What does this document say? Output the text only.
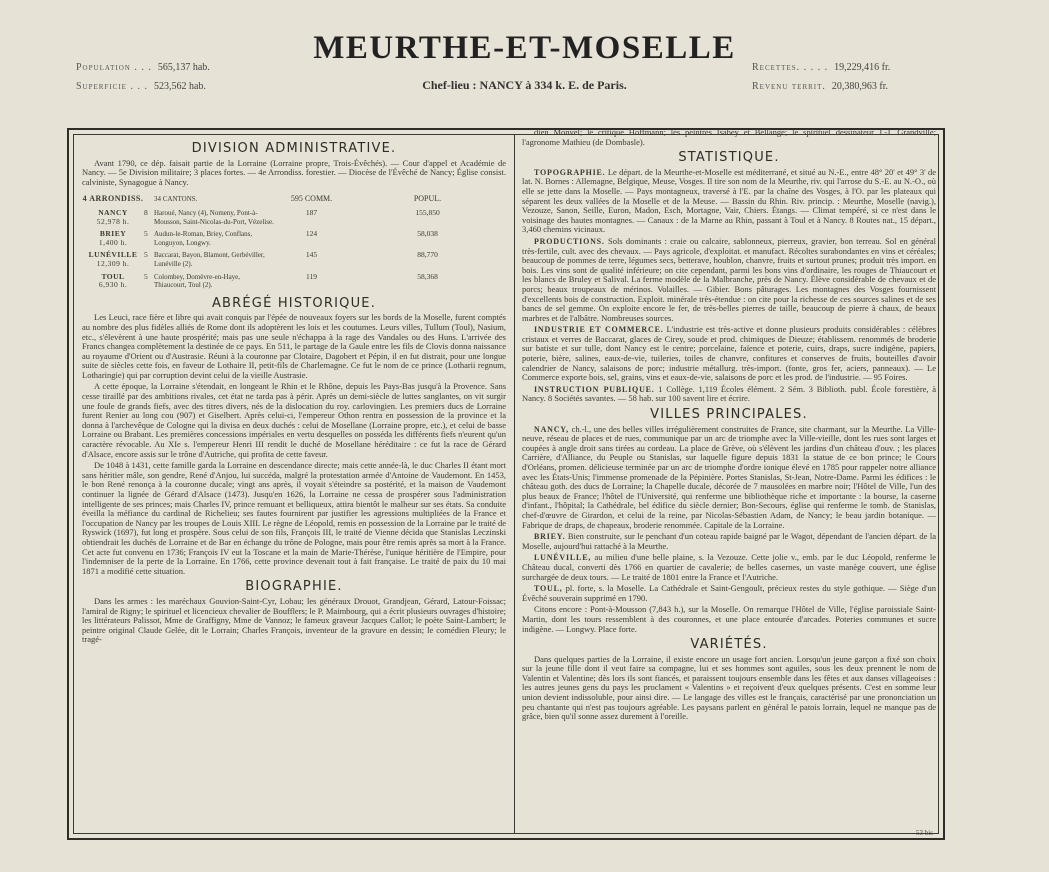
Population . . . 565,137 hab.
Superficie . . . 523,562 hab.
MEURTHE-ET-MOSELLE
Chef-lieu : NANCY à 334 k. E. de Paris.
Recettes. . . . . 19,229,416 fr.
Revenu territ. 20,380,963 fr.
DIVISION ADMINISTRATIVE.

Avant 1790, ce dép. faisait partie de la Lorraine (Lorraine propre, Trois-Évêchés). — Cour d'appel et Académie de Nancy. — 5e Division militaire; 3 places fortes. — 4e Arrondiss. forestier. — Diocèse de l'Évêché de Nancy; Église consist. calviniste, Synagogue à Nancy.

4 ARRONDISS.		34 CANTONS.	595 COMM.	POPUL.
NANCY
52,978 h.	8	Haroué, Nancy (4), Nomeny, Pont-à-Mousson, Saint-Nicolas-du-Port, Vézelise.	187	155,850
BRIEY
1,400 h.	5	Audun-le-Roman, Briey, Conflans, Longuyon, Longwy.	124	58,038
LUNÉVILLE
12,309 h.	5	Baccarat, Bayon, Blamont, Gerbéviller, Lunéville (2).	145	88,770
TOUL
6,930 h.	5	Colombey, Domèvre-en-Haye, Thiaucourt, Toul (2).	119	58,368
ABRÉGÉ HISTORIQUE.

Les Leuci, race fière et libre qui avait conquis par l'épée de nouveaux foyers sur les bords de la Moselle, furent comptés au nombre des plus fidèles alliés de Rome dont ils adoptèrent les lois et les coutumes. Leurs villes, Tullum (Toul), Nasium, etc., s'élevèrent à une haute prospérité; mais pas une seule n'échappa à la rage des Vandales ou des Huns. L'arrivée des Francs changea complètement la destinée de ce pays. En 511, le partage de la Gaule entre les fils de Clovis donna naissance au royaume d'Orient ou d'Austrasie. Réuni à la couronne par Clotaire, Dagobert et Pépin, il en fut distrait, pour une longue suite de siècles cette fois, en faveur de Lothaire II, petit-fils de Charlemagne. Ce fut le nom de ce prince (Lotharii regnum, Lotharingie) qui par corruption devint celui de la vieille Austrasie.

A cette époque, la Lorraine s'étendait, en longeant le Rhin et le Rhône, depuis les Pays-Bas jusqu'à la Provence. Sans cesse tiraillé par des ambitions rivales, cet état ne tarda pas à périr. Après un demi-siècle de luttes sanglantes, on vit surgir une foule de grands fiefs, avec des titres divers, nés de la dislocation du roy. carlovingien. Les premiers ducs de Lorraine furent Renier au long cou (907) et Giselbert. Après celui-ci, l'empereur Othon rentra en possession de la province et la donna à l'archevêque de Cologne qui la divisa en deux duchés : celui de Mosellane (Lorraine propre, etc.), et celui de basse Lorraine ou Brabant. Les premières concessions impériales en vertu desquelles on posséda les différents fiefs n'eurent qu'un caractère révocable. Au XIe s. l'empereur Henri III rendit le duché de Mosellane héréditaire : ce fut la race de Gérard d'Alsace, encore assis sur le trône d'Autriche, qui profita de cette faveur.

De 1048 à 1431, cette famille garda la Lorraine en descendance directe; mais cette année-là, le duc Charles II étant mort sans héritier mâle, son gendre, René d'Anjou, lui succéda, malgré la protestation armée d'Antoine de Vaudemont. En 1453, le bon René renonça à la couronne ducale; vingt ans après, il voyait s'éteindre sa postérité, et la maison de Vaudemont continuer la lignée de Gérard d'Alsace (1473). Jusqu'en 1626, la Lorraine ne cessa de prospérer sous l'administration intelligente de ses princes; mais Charles IV, prince remuant et belliqueux, attira bientôt le malheur sur ses états. Sa conduite éveilla la méfiance du cardinal de Richelieu; ses fautes fournirent par justifier les agressions multipliées de la France et l'occupation de Nancy par les troupes de Louis XIII. Le règne de Léopold, remis en possession de la Lorraine par le traité de Ryswick (1697), fut long et prospère. Sous celui de son fils, François III, le traité de Vienne décida que Stanislas Leczinski obtiendrait les duchés de Lorraine et de Bar en échange du trône de Pologne, mais pour être remis après sa mort à la France. Cet acte fut convenu en 1736; François IV eut la Toscane et la main de Marie-Thérèse, l'unique héritière de l'Empire, pour l'indemniser de la perte de la Lorraine. En 1766, cette province devenait tout à fait française. Le traité de paix du 10 mai 1871 a modifié cette situation.

BIOGRAPHIE.

Dans les armes : les maréchaux Gouvion-Saint-Cyr, Lobau; les généraux Drouot, Grandjean, Gérard, Latour-Foissac; l'amiral de Rigny; le spirituel et licencieux chevalier de Boufflers; le P. Maimbourg, qui a écrit plusieurs ouvrages d'histoire; les littérateurs Palissot, Mme de Graffigny, Mme de Vannoz; le fameux graveur Jacques Callot; le poète Saint-Lambert; le peintre original Claude Gelée, dit le Lorrain; Charles François, inventeur de la gravure en dessin; le comédien Fleury; le tragé-

dien Monvel; le critique Hoffmann; les peintres Isabey et Bellangé; le spirituel dessinateur J.-J. Grandville; l'agronome Mathieu (de Dombasle).

STATISTIQUE.

TOPOGRAPHIE. Le départ. de la Meurthe-et-Moselle est méditerrané, et situé au N.-E., entre 48° 20' et 49° 3' de lat. N. Bornes : Allemagne, Belgique, Meuse, Vosges. Il tire son nom de la Meurthe, riv. qui l'arrose du S.-E. au N.-O., où elle se jette dans la Moselle. — Pays montagneux, traversé à l'E. par la chaîne des Vosges, à l'O. par les plateaux qui séparent les deux vallées de la Moselle et de la Meuse. — Bassin du Rhin. Riv. princip. : Meurthe, Moselle (navig.), Vezouze, Sanon, Seille, Euron, Madon, Esch, Mortagne, Vair, Chiers. Étangs. — Climat tempéré, si ce n'est dans le voisinage des hautes montagnes. — Canaux : de la Marne au Rhin, passant à Toul et à Nancy. 8 Routes nat., 15 départ., 3,460 chemins vicinaux.

PRODUCTIONS. Sols dominants : craie ou calcaire, sablonneux, pierreux, gravier, bon terreau. Sol en général très-fertile, cult. avec des chevaux. — Pays agricole, d'exploitat. et manufact. Récoltes surabondantes en vins et céréales; beaucoup de pommes de terre, légumes secs, betterave, houblon, chanvre, fruits et surtout prunes; produit très import. en bois. Les vins sont de qualité inférieure; on cite cependant, parmi les bons vins d'ordinaire, les rouges de Thiaucourt et les blancs de Bruley et Salival. La ferme modèle de la Malbranche, près de Nancy. Élève considérable de chevaux et de porcs; beaux troupeaux de mérinos. Volailles. — Gibier. Bons pâturages. Les montagnes des Vosges fournissent d'excellents bois de construction. Exploit. minérale très-étendue : on cite pour la richesse de ces sources salines et de ses bancs de sel gemme. On exploite encore le fer, de très-belles pierres de taille, beaucoup de pierre à chaux, de beaux marbres et de l'albâtre. Nombreuses sources.

INDUSTRIE ET COMMERCE. L'industrie est très-active et donne plusieurs produits considérables : célèbres cristaux et verres de Baccarat, glaces de Cirey, soude et prod. chimiques de Dieuze; établissem. renommés de broderie sur batiste et sur tulle, dont Nancy est le centre; porcelaine, faïence et poterie, cuirs, draps, sucre indigène, papiers, poterie, bière, salines, eaux-de-vie, tuileries, toiles de chanvre, confitures et conserves de fruits, bouteilles d'avoir calendrier de Nancy, salaisons de porc; industrie métallurg. très-import. (fonte, gros fer, aciers, panneaux). — Le Commerce exporte bois, sel, grains, vins et eaux-de-vie, salaisons de porc et les prod. de l'industrie. — 95 Foires.

INSTRUCTION PUBLIQUE. 1 Collège. 1,119 Écoles élément. 2 Sém. 3 Biblioth. publ. École forestière, à Nancy. 8 Sociétés savantes. — 58 hab. sur 100 savent lire et écrire.

VILLES PRINCIPALES.

NANCY, ch.-l., une des belles villes irrégulièrement construites de France, site charmant, sur la Meurthe. La Ville-neuve, réseau de places et de rues, communique par un arc de triomphe avec la Ville-vieille, dont les rues sont larges et coupées à angle droit sans tirées au cordeau. La place de Grève, où s'élèvent les jardins d'un château d'ouv. ; les places Carrière, d'Alliance, du Peuple ou Stanislas, sur laquelle figure depuis 1831 la statue de ce bon prince; le Cours d'Orléans, promen. délicieuse terminée par un arc de triomphe d'ordre ionique élevé en 1785 pour rappeler notre alliance avec les États-Unis; l'immense promenade de la Pépinière. Portes Stanislas, St-Jean, Notre-Dame. Parmi les édifices : le château goth. des ducs de Lorraine; la Chapelle ducale, décorée de 7 mausolées en marbre noir; l'Hôtel de Ville, l'un des plus beaux de France; l'hôtel de l'Université, qui renferme une bibliothèque riche et importante : la bourse, la caserne d'infant., l'hôpital; la Cathédrale, bel édifice du siècle dernier; Bon-Secours, église qui renferme le tomb. de Stanislas, chef-d'œuvre de Girardon, et celui de la reine, par Nicolas-Sébastien Adam, de Nancy; le beau jardin botanique. — Fabrique de draps, de chapeaux, broderie renommée. Capitale de la Lorraine.

BRIEY. Bien construite, sur le penchant d'un coteau rapide baigné par le Wagot, dépendant de l'ancien départ. de la Moselle, aujourd'hui rattaché à la Meurthe.

LUNÉVILLE, au milieu d'une belle plaine, s. la Vezouze. Cette jolie v., emb. par le duc Léopold, renferme le Château ducal, converti dès 1766 en quartier de cavalerie; de belles casernes, un vaste manège couvert, une église surchargée de deux tours. — Le traité de 1801 entre la France et l'Autriche.

TOUL, pl. forte, s. la Moselle. La Cathédrale et Saint-Gengoult, précieux restes du style gothique. — Siège d'un Évêché souverain supprimé en 1790.

Citons encore : Pont-à-Mousson (7,843 h.), sur la Moselle. On remarque l'Hôtel de Ville, l'église paroissiale Saint-Martin, dont les tours ressemblent à des couronnes, et une place entourée d'arcades. Poteries communes et sucre indigène. — Longwy. Place forte.

VARIÉTÉS.

Dans quelques parties de la Lorraine, il existe encore un usage fort ancien. Lorsqu'un jeune garçon a fixé son choix sur la jeune fille dont il veut faire sa compagne, lui et ses hommes sont aguiles, sous les deux prennent le nom de Valentin et Valentine; dès lors ils sont fiancés, et paraissent toujours ensemble dans les fêtes et aux danses villageoises : les autres jeunes gens du pays les proclament « Valentins » et reçoivent d'eux quelques présents. C'est en somme leur union devient indissoluble, pour ainsi dire. — Le langage des villes est le français, caractérisé par une prononciation un peu chantante qui n'est pas toujours agréable. Les paysans parlent en général le patois lorrain, lequel ne manque pas de grâce, bien qu'il sonne assez durement à l'oreille.

53 bis
